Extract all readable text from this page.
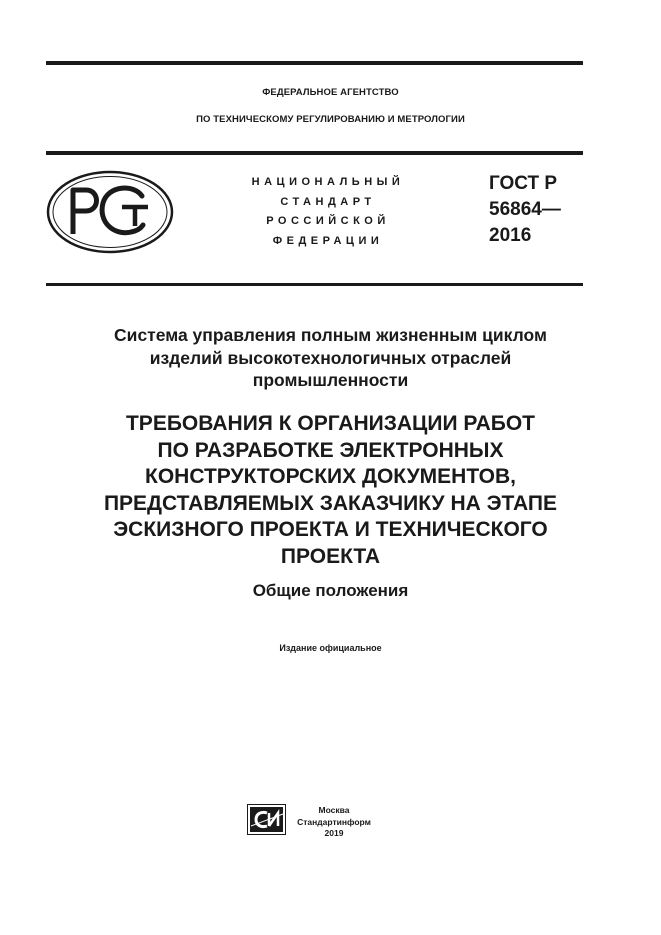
ФЕДЕРАЛЬНОЕ АГЕНТСТВО
ПО ТЕХНИЧЕСКОМУ РЕГУЛИРОВАНИЮ И МЕТРОЛОГИИ
НАЦИОНАЛЬНЫЙ
СТАНДАРТ
РОССИЙСКОЙ
ФЕДЕРАЦИИ
ГОСТ Р
56864—
2016
Система управления полным жизненным циклом
изделий высокотехнологичных отраслей
промышленности
ТРЕБОВАНИЯ К ОРГАНИЗАЦИИ РАБОТ
ПО РАЗРАБОТКЕ ЭЛЕКТРОННЫХ
КОНСТРУКТОРСКИХ ДОКУМЕНТОВ,
ПРЕДСТАВЛЯЕМЫХ ЗАКАЗЧИКУ НА ЭТАПЕ
ЭСКИЗНОГО ПРОЕКТА И ТЕХНИЧЕСКОГО
ПРОЕКТА
Общие положения
Издание официальное
Москва
Стандартинформ
2019
